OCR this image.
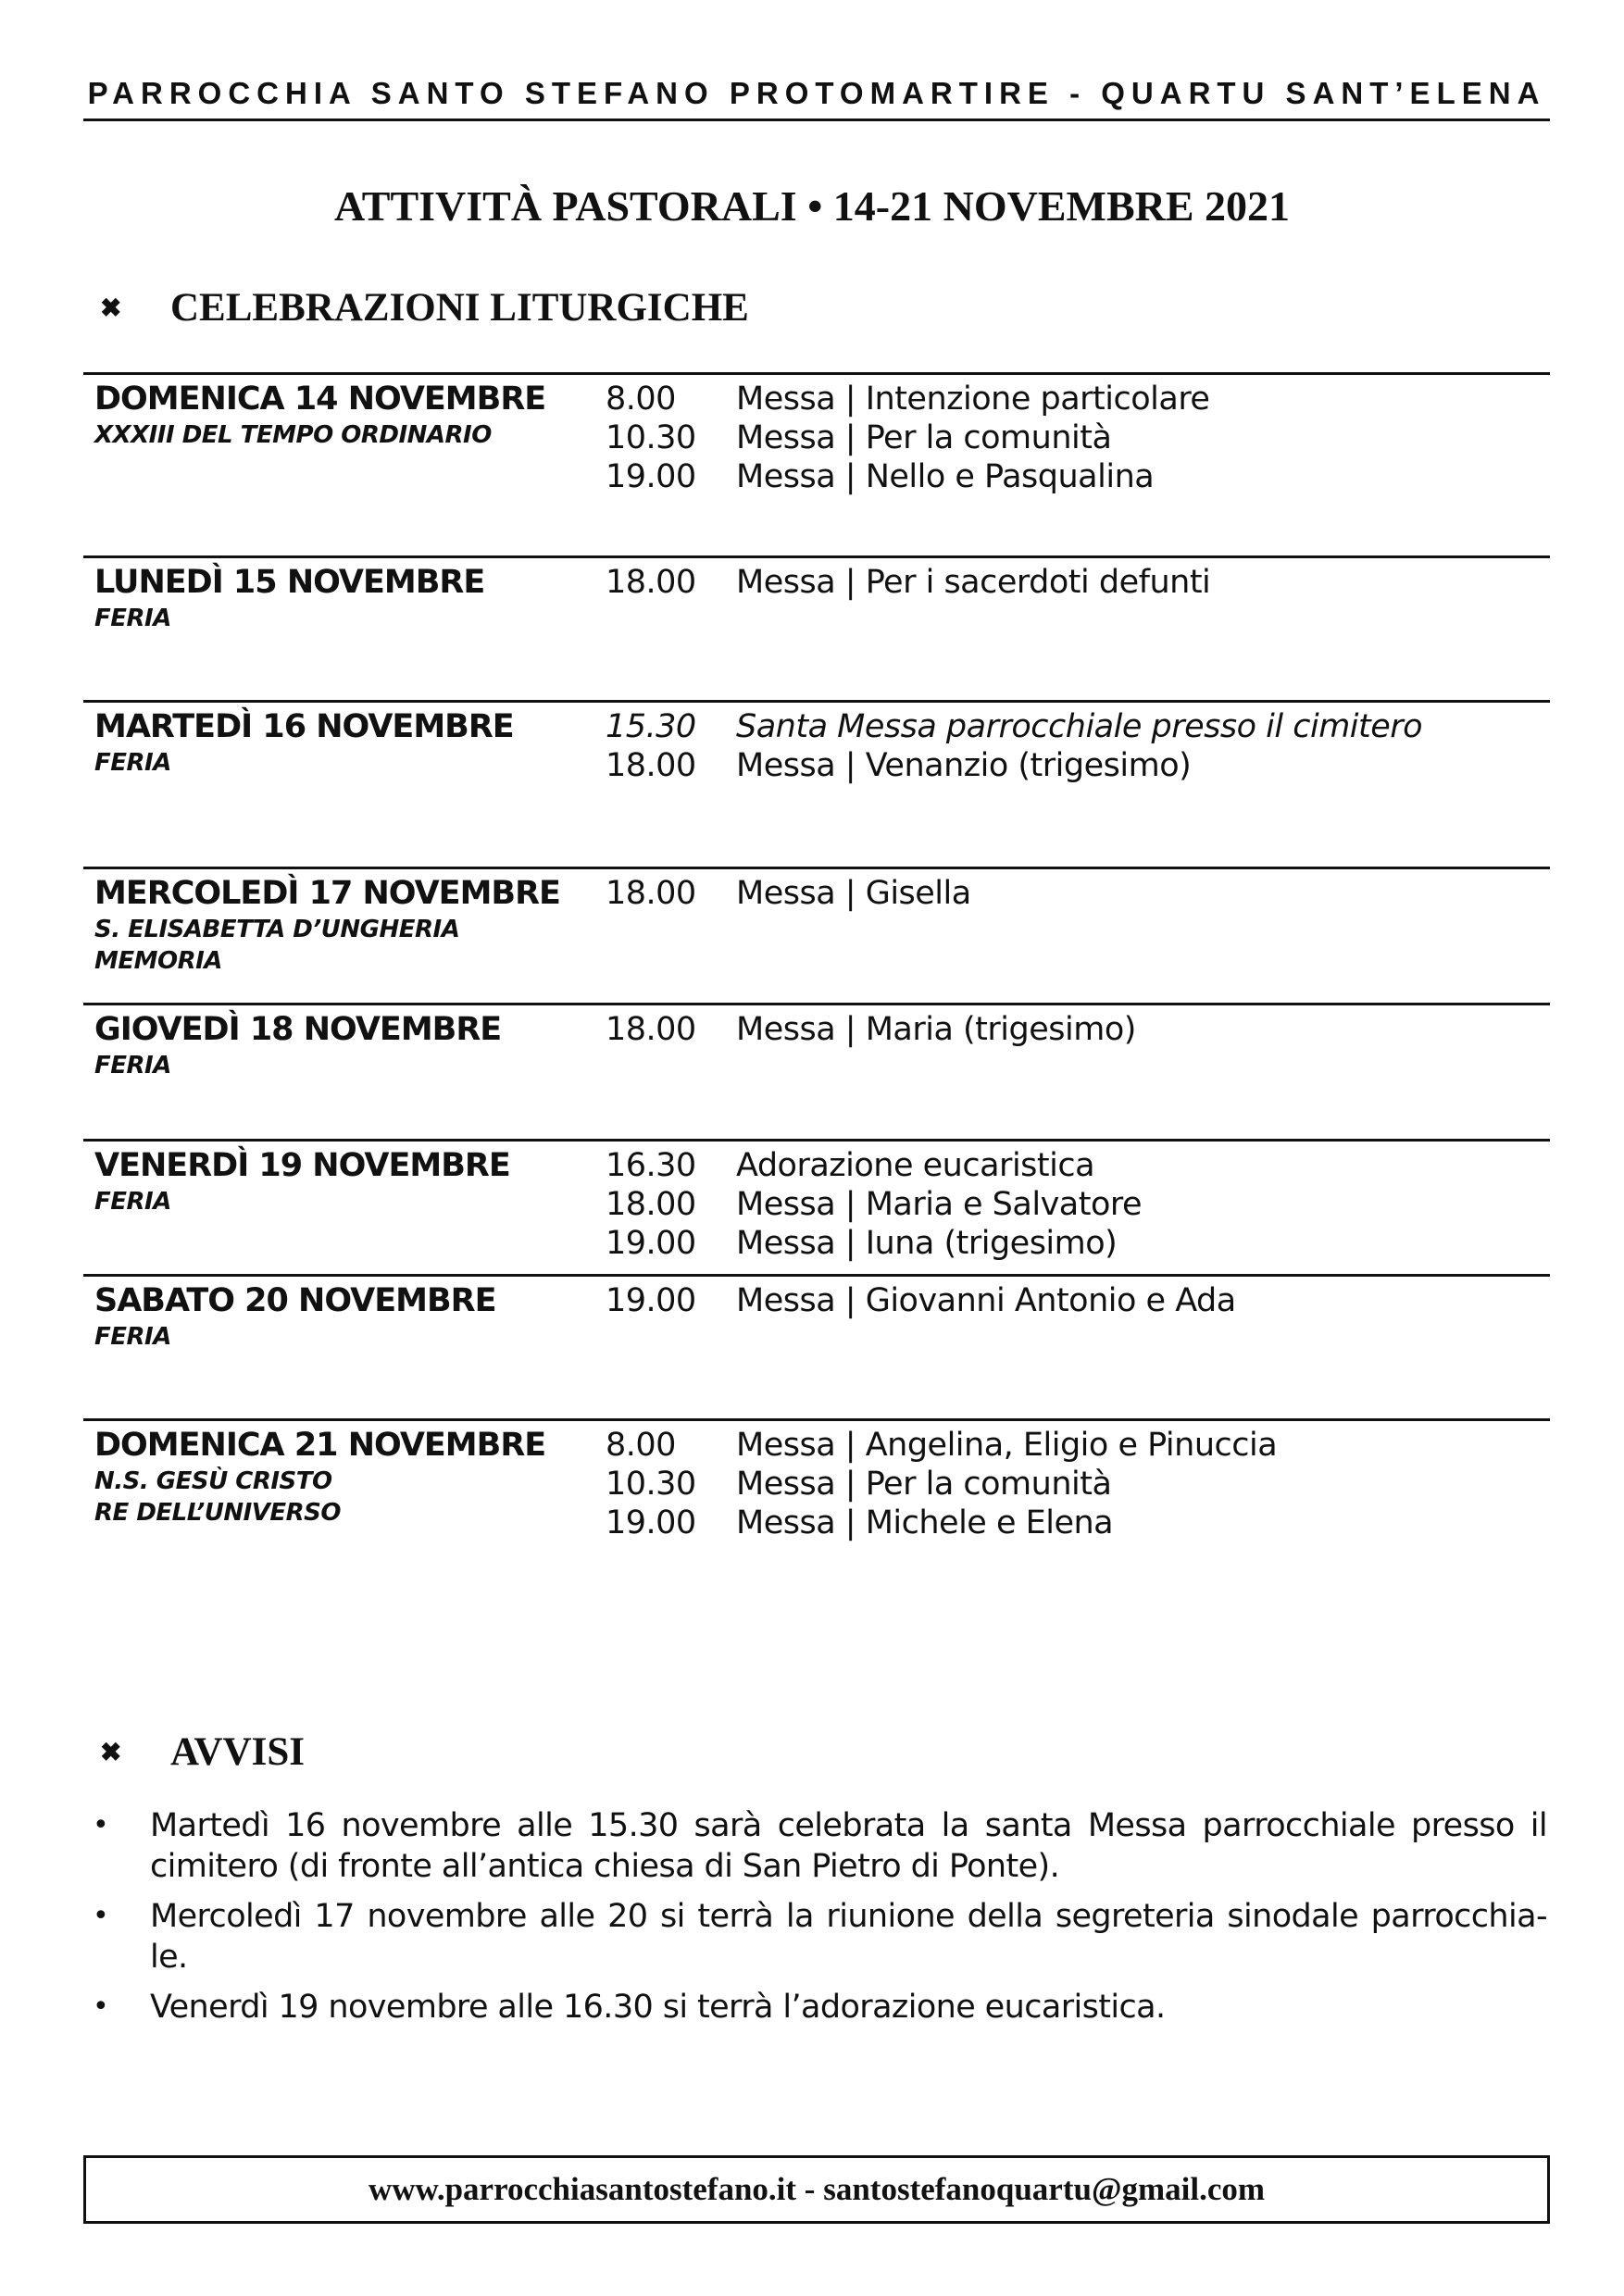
PARROCCHIA SANTO STEFANO PROTOMARTIRE - QUARTU SANT’ELENA
ATTIVITÀ PASTORALI • 14-21 NOVEMBRE 2021
✖	CELEBRAZIONI LITURGICHE
DOMENICA 14 NOVEMBRE
XXXIII DEL TEMPO ORDINARIO
8.00 Messa | Intenzione particolare
10.30 Messa | Per la comunità
19.00 Messa | Nello e Pasqualina
LUNEDÌ 15 NOVEMBRE
FERIA
18.00 Messa | Per i sacerdoti defunti
MARTEDÌ 16 NOVEMBRE
FERIA
15.30 Santa Messa parrocchiale presso il cimitero
18.00 Messa | Venanzio (trigesimo)
MERCOLEDÌ 17 NOVEMBRE
S. ELISABETTA D’UNGHERIA
MEMORIA
18.00 Messa | Gisella
GIOVEDÌ 18 NOVEMBRE
FERIA
18.00 Messa | Maria (trigesimo)
VENERDÌ 19 NOVEMBRE
FERIA
16.30 Adorazione eucaristica
18.00 Messa | Maria e Salvatore
19.00 Messa | Iuna (trigesimo)
SABATO 20 NOVEMBRE
FERIA
19.00 Messa | Giovanni Antonio e Ada
DOMENICA 21 NOVEMBRE
N.S. GESÙ CRISTO
RE DELL’UNIVERSO
8.00 Messa | Angelina, Eligio e Pinuccia
10.30 Messa | Per la comunità
19.00 Messa | Michele e Elena
✖	AVVISI
• Martedì 16 novembre alle 15.30 sarà celebrata la santa Messa parrocchiale presso il cimitero (di fronte all’antica chiesa di San Pietro di Ponte).
• Mercoledì 17 novembre alle 20 si terrà la riunione della segreteria sinodale parrocchia-le.
• Venerdì 19 novembre alle 16.30 si terrà l’adorazione eucaristica.
www.parrocchiasantostefano.it - santostefanoquartu@gmail.com
